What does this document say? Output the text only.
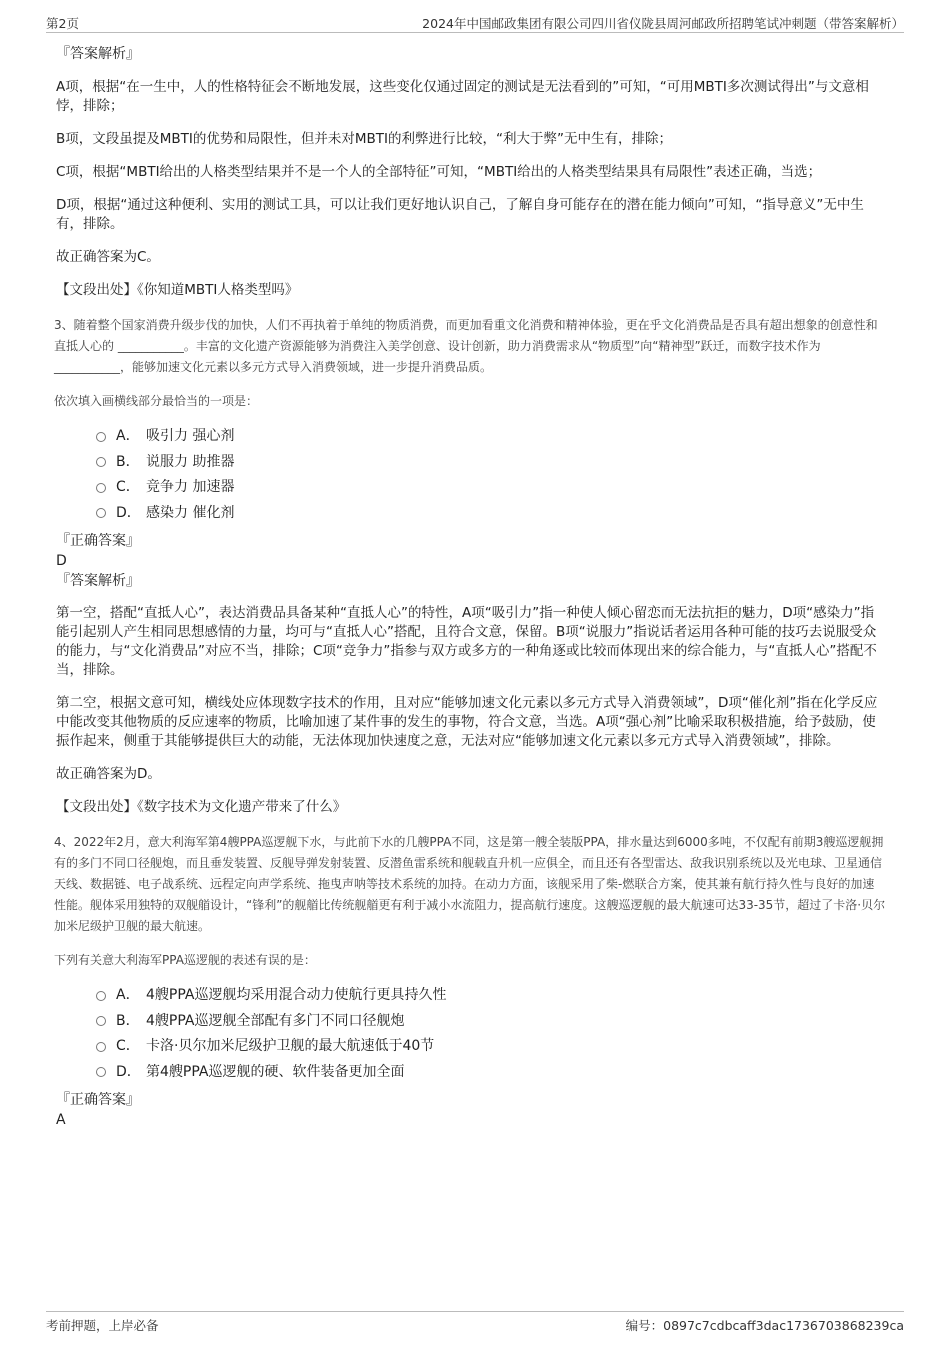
第2页	2024年中国邮政集团有限公司四川省仪陇县周河邮政所招聘笔试冲刺题（带答案解析）

『答案解析』

A项，根据“在一生中，人的性格特征会不断地发展，这些变化仅通过固定的测试是无法看到的”可知，“可用MBTI多次测试得出”与文意相悖，排除；

B项，文段虽提及MBTI的优势和局限性，但并未对MBTI的利弊进行比较，“利大于弊”无中生有，排除；

C项，根据“MBTI给出的人格类型结果并不是一个人的全部特征”可知，“MBTI给出的人格类型结果具有局限性”表述正确，当选；

D项，根据“通过这种便利、实用的测试工具，可以让我们更好地认识自己，了解自身可能存在的潜在能力倾向”可知，“指导意义”无中生有，排除。

故正确答案为C。

【文段出处】《你知道MBTI人格类型吗》

3、随着整个国家消费升级步伐的加快，人们不再执着于单纯的物质消费，而更加看重文化消费和精神体验，更在乎文化消费品是否具有超出想象的创意性和直抵人心的 ___________。丰富的文化遗产资源能够为消费注入美学创意、设计创新，助力消费需求从“物质型”向“精神型”跃迁，而数字技术作为 ___________，能够加速文化元素以多元方式导入消费领域，进一步提升消费品质。

依次填入画横线部分最恰当的一项是：

A． 吸引力 强心剂
B． 说服力 助推器
C． 竞争力 加速器
D． 感染力 催化剂

『正确答案』

D

『答案解析』

第一空，搭配“直抵人心”，表达消费品具备某种“直抵人心”的特性，A项“吸引力”指一种使人倾心留恋而无法抗拒的魅力，D项“感染力”指能引起别人产生相同思想感情的力量，均可与“直抵人心”搭配，且符合文意，保留。B项“说服力”指说话者运用各种可能的技巧去说服受众的能力，与“文化消费品”对应不当，排除；C项“竞争力”指参与双方或多方的一种角逐或比较而体现出来的综合能力，与“直抵人心”搭配不当，排除。

第二空，根据文意可知，横线处应体现数字技术的作用，且对应“能够加速文化元素以多元方式导入消费领域”，D项“催化剂”指在化学反应中能改变其他物质的反应速率的物质，比喻加速了某件事的发生的事物，符合文意，当选。A项“强心剂”比喻采取积极措施，给予鼓励，使振作起来，侧重于其能够提供巨大的动能，无法体现加快速度之意，无法对应“能够加速文化元素以多元方式导入消费领域”，排除。

故正确答案为D。

【文段出处】《数字技术为文化遗产带来了什么》

4、2022年2月，意大利海军第4艘PPA巡逻舰下水，与此前下水的几艘PPA不同，这是第一艘全装版PPA，排水量达到6000多吨，不仅配有前期3艘巡逻舰拥有的多门不同口径舰炮，而且垂发装置、反舰导弹发射装置、反潜鱼雷系统和舰载直升机一应俱全，而且还有各型雷达、敌我识别系统以及光电球、卫星通信天线、数据链、电子战系统、远程定向声学系统、拖曳声呐等技术系统的加持。在动力方面，该舰采用了柴-燃联合方案，使其兼有航行持久性与良好的加速性能。舰体采用独特的双舰艏设计，“锋利”的舰艏比传统舰艏更有利于减小水流阻力，提高航行速度。这艘巡逻舰的最大航速可达33-35节，超过了卡洛·贝尔加米尼级护卫舰的最大航速。

下列有关意大利海军PPA巡逻舰的表述有误的是：

A． 4艘PPA巡逻舰均采用混合动力使航行更具持久性
B． 4艘PPA巡逻舰全部配有多门不同口径舰炮
C． 卡洛·贝尔加米尼级护卫舰的最大航速低于40节
D． 第4艘PPA巡逻舰的硬、软件装备更加全面

『正确答案』

A

考前押题，上岸必备	编号：0897c7cdbcaff3dac1736703868239ca
